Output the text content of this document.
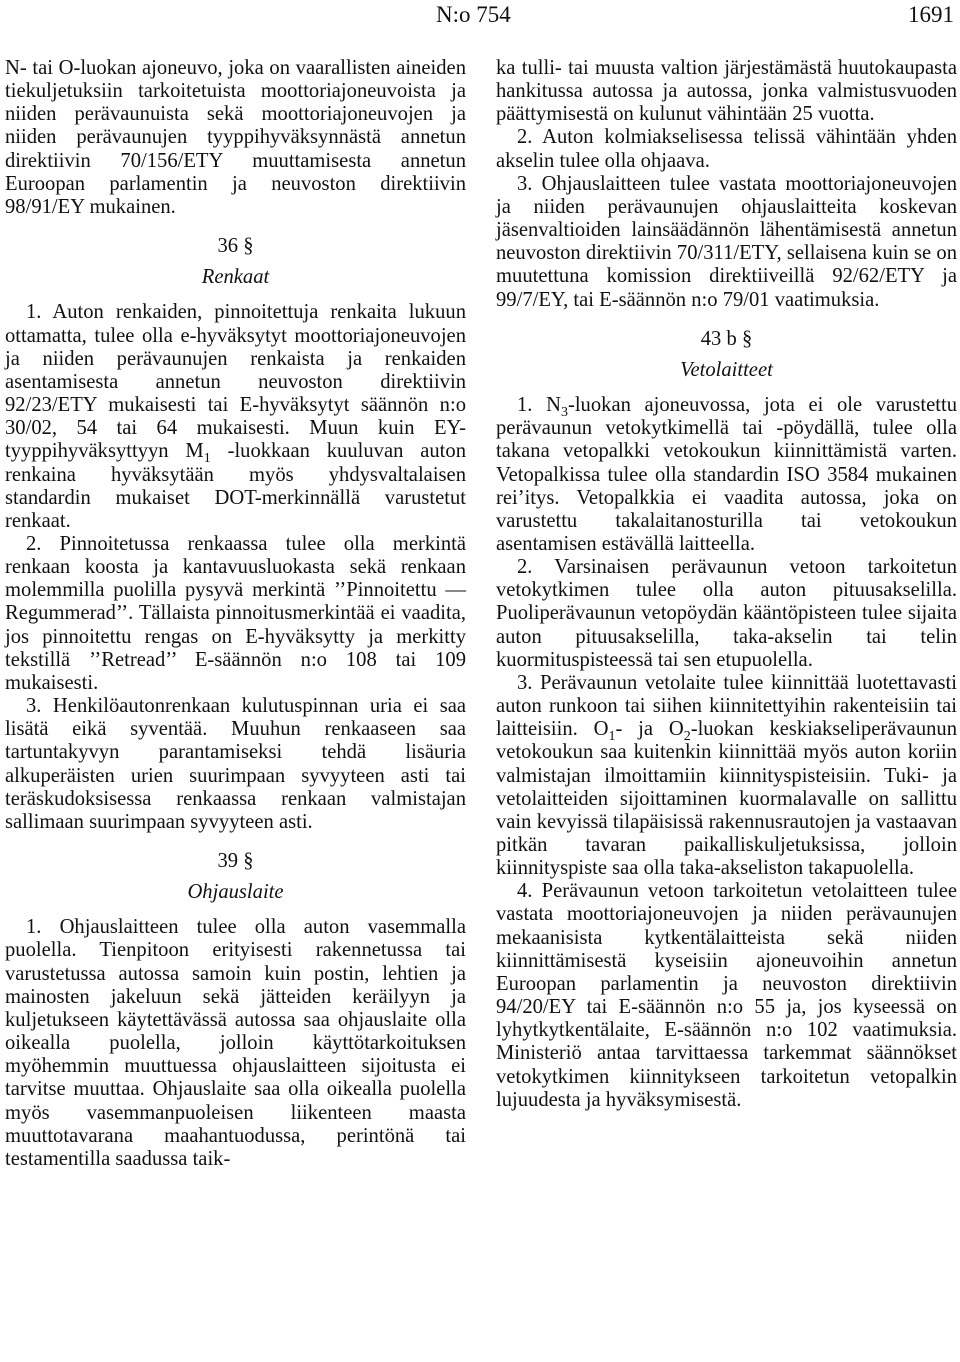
N:o 754	1691

N- tai O-luokan ajoneuvo, joka on vaarallisten aineiden tiekuljetuksiin tarkoitetuista moottoriajoneuvoista ja niiden perävaunuista sekä moottoriajoneuvojen ja niiden perävaunujen tyyppihyväksynnästä annetun direktiivin 70/156/ETY muuttamisesta annetun Euroopan parlamentin ja neuvoston direktiivin 98/91/EY mukainen.

36 §
Renkaat

1. Auton renkaiden, pinnoitettuja renkaita lukuun ottamatta, tulee olla e-hyväksytyt moottoriajoneuvojen ja niiden perävaunujen renkaista ja renkaiden asentamisesta annetun neuvoston direktiivin 92/23/ETY mukaisesti tai E-hyväksytyt säännön n:o 30/02, 54 tai 64 mukaisesti. Muun kuin EY-tyyppihyväksyttyyn $M_1$ -luokkaan kuuluvan auton renkaina hyväksytään myös yhdysvaltalaisen standardin mukaiset DOT-merkinnällä varustetut renkaat.

2. Pinnoitetussa renkaassa tulee olla merkintä renkaan koosta ja kantavuusluokasta sekä renkaan molemmilla puolilla pysyvä merkintä ’’Pinnoitettu — Regummerad’’. Tällaista pinnoitusmerkintää ei vaadita, jos pinnoitettu rengas on E-hyväksytty ja merkitty tekstillä ’’Retread’’ E-säännön n:o 108 tai 109 mukaisesti.

3. Henkilöautonrenkaan kulutuspinnan uria ei saa lisätä eikä syventää. Muuhun renkaaseen saa tartuntakyvyn parantamiseksi tehdä lisäuria alkuperäisten urien suurimpaan syvyyteen asti tai teräskudoksisessa renkaassa renkaan valmistajan sallimaan suurimpaan syvyyteen asti.

39 §
Ohjauslaite

1. Ohjauslaitteen tulee olla auton vasemmalla puolella. Tienpitoon erityisesti rakennetussa tai varustetussa autossa samoin kuin postin, lehtien ja mainosten jakeluun sekä jätteiden keräilyyn ja kuljetukseen käytettävässä autossa saa ohjauslaite olla oikealla puolella, jolloin käyttötarkoituksen myöhemmin muuttuessa ohjauslaitteen sijoitusta ei tarvitse muuttaa. Ohjauslaite saa olla oikealla puolella myös vasemmanpuoleisen liikenteen maasta muuttotavarana maahantuodussa, perintönä tai testamentilla saadussa taik-

ka tulli- tai muusta valtion järjestämästä huutokaupasta hankitussa autossa ja autossa, jonka valmistusvuoden päättymisestä on kulunut vähintään 25 vuotta.

2. Auton kolmiakselisessa telissä vähintään yhden akselin tulee olla ohjaava.

3. Ohjauslaitteen tulee vastata moottoriajoneuvojen ja niiden perävaunujen ohjauslaitteita koskevan jäsenvaltioiden lainsäädännön lähentämisestä annetun neuvoston direktiivin 70/311/ETY, sellaisena kuin se on muutettuna komission direktiiveillä 92/62/ETY ja 99/7/EY, tai E-säännön n:o 79/01 vaatimuksia.

43 b §
Vetolaitteet

1. $N_3$-luokan ajoneuvossa, jota ei ole varustettu perävaunun vetokytkimellä tai -pöydällä, tulee olla takana vetopalkki vetokoukun kiinnittämistä varten. Vetopalkissa tulee olla standardin ISO 3584 mukainen rei’itys. Vetopalkkia ei vaadita autossa, joka on varustettu takalaitanosturilla tai vetokoukun asentamisen estävällä laitteella.

2. Varsinaisen perävaunun vetoon tarkoitetun vetokytkimen tulee olla auton pituusakselilla. Puoliperävaunun vetopöydän kääntöpisteen tulee sijaita auton pituusakselilla, taka-akselin tai telin kuormituspisteessä tai sen etupuolella.

3. Perävaunun vetolaite tulee kiinnittää luotettavasti auton runkoon tai siihen kiinnitettyihin rakenteisiin tai laitteisiin. $O_1-$ ja $O_2$-luokan keskiakseliperävaunun vetokoukun saa kuitenkin kiinnittää myös auton koriin valmistajan ilmoittamiin kiinnityspisteisiin. Tuki- ja vetolaitteiden sijoittaminen kuormalavalle on sallittu vain kevyissä tilapäisissä rakennusrautojen ja vastaavan pitkän tavaran paikalliskuljetuksissa, jolloin kiinnityspiste saa olla taka-akseliston takapuolella.

4. Perävaunun vetoon tarkoitetun vetolaitteen tulee vastata moottoriajoneuvojen ja niiden perävaunujen mekaanisista kytkentälaitteista sekä niiden kiinnittämisestä kyseisiin ajoneuvoihin annetun Euroopan parlamentin ja neuvoston direktiivin 94/20/EY tai E-säännön n:o 55 ja, jos kyseessä on lyhytkytkentälaite, E-säännön n:o 102 vaatimuksia. Ministeriö antaa tarvittaessa tarkemmat säännökset vetokytkimen kiinnitykseen tarkoitetun vetopalkin lujuudesta ja hyväksymisestä.
